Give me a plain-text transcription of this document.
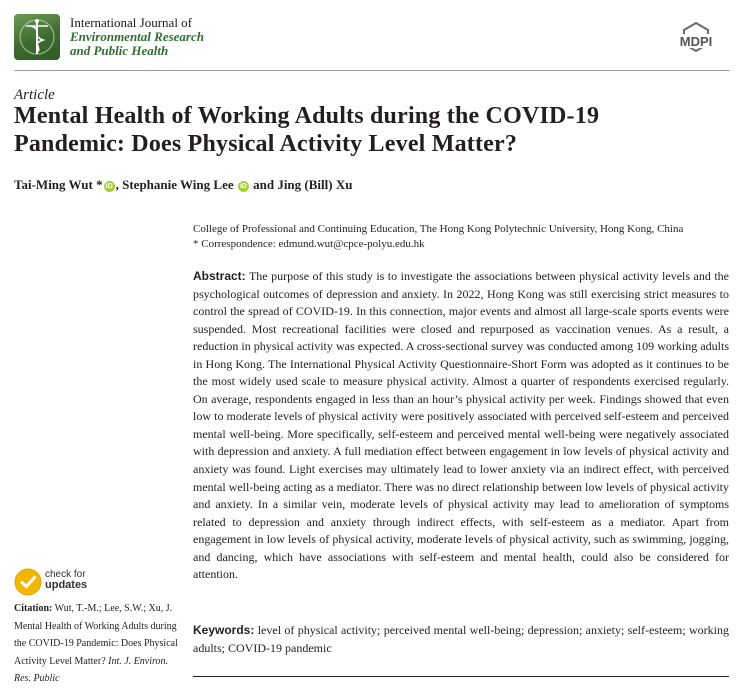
International Journal of
Environmental Research
and Public Health
MDPI
Article
Mental Health of Working Adults during the COVID-19 Pandemic: Does Physical Activity Level Matter?
Tai-Ming Wut * iD , Stephanie Wing Lee iD and Jing (Bill) Xu
College of Professional and Continuing Education, The Hong Kong Polytechnic University, Hong Kong, China
* Correspondence: edmund.wut@cpce-polyu.edu.hk
Abstract: The purpose of this study is to investigate the associations between physical activity levels and the psychological outcomes of depression and anxiety. In 2022, Hong Kong was still exercising strict measures to control the spread of COVID-19. In this connection, major events and almost all large-scale sports events were suspended. Most recreational facilities were closed and repurposed as vaccination venues. As a result, a reduction in physical activity was expected. A cross-sectional survey was conducted among 109 working adults in Hong Kong. The International Physical Activity Questionnaire-Short Form was adopted as it continues to be the most widely used scale to measure physical activity. Almost a quarter of respondents exercised regularly. On average, respondents engaged in less than an hour’s physical activity per week. Findings showed that even low to moderate levels of physical activity were positively associated with perceived self-esteem and perceived mental well-being. More specifically, self-esteem and perceived mental well-being were negatively associated with depression and anxiety. A full mediation effect between engagement in low levels of physical activity and anxiety was found. Light exercises may ultimately lead to lower anxiety via an indirect effect, with perceived mental well-being acting as a mediator. There was no direct relationship between low levels of physical activity and anxiety. In a similar vein, moderate levels of physical activity may lead to amelioration of symptoms related to depression and anxiety through indirect effects, with self-esteem as a mediator. Apart from engagement in low levels of physical activity, moderate levels of physical activity, such as swimming, jogging, and dancing, which have associations with self-esteem and mental health, could also be considered for attention.
Keywords: level of physical activity; perceived mental well-being; depression; anxiety; self-esteem; working adults; COVID-19 pandemic
check for
updates
Citation: Wut, T.-M.; Lee, S.W.; Xu, J. Mental Health of Working Adults during the COVID-19 Pandemic: Does Physical Activity Level Matter? Int. J. Environ. Res. Public
